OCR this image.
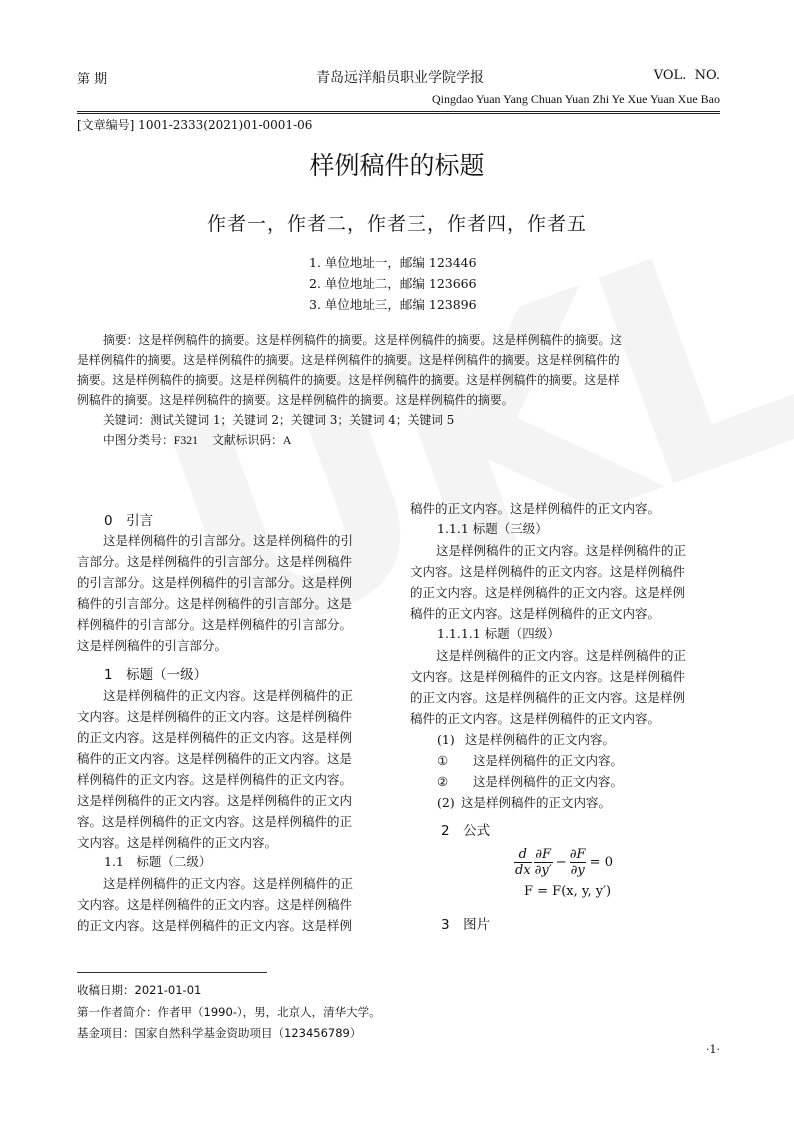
第 期	青岛远洋船员职业学院学报	VOL.  NO.
Qingdao Yuan Yang Chuan Yuan Zhi Ye Xue Yuan Xue Bao
[文章编号] 1001-2333(2021)01-0001-06
样例稿件的标题
作者一，作者二，作者三，作者四，作者五
1. 单位地址一，邮编 123446
2. 单位地址二，邮编 123666
3. 单位地址三，邮编 123896
摘要：这是样例稿件的摘要。这是样例稿件的摘要。这是样例稿件的摘要。这是样例稿件的摘要。这
是样例稿件的摘要。这是样例稿件的摘要。这是样例稿件的摘要。这是样例稿件的摘要。这是样例稿件的
摘要。这是样例稿件的摘要。这是样例稿件的摘要。这是样例稿件的摘要。这是样例稿件的摘要。这是样
例稿件的摘要。这是样例稿件的摘要。这是样例稿件的摘要。这是样例稿件的摘要。
关键词：测试关键词 1；关键词 2；关键词 3；关键词 4；关键词 5
中图分类号：F321 文献标识码：A
0　引言
这是样例稿件的引言部分。这是样例稿件的引
言部分。这是样例稿件的引言部分。这是样例稿件
的引言部分。这是样例稿件的引言部分。这是样例
稿件的引言部分。这是样例稿件的引言部分。这是
样例稿件的引言部分。这是样例稿件的引言部分。
这是样例稿件的引言部分。
1　标题（一级）
这是样例稿件的正文内容。这是样例稿件的正
文内容。这是样例稿件的正文内容。这是样例稿件
的正文内容。这是样例稿件的正文内容。这是样例
稿件的正文内容。这是样例稿件的正文内容。这是
样例稿件的正文内容。这是样例稿件的正文内容。
这是样例稿件的正文内容。这是样例稿件的正文内
容。这是样例稿件的正文内容。这是样例稿件的正
文内容。这是样例稿件的正文内容。
1.1　标题（二级）
这是样例稿件的正文内容。这是样例稿件的正
文内容。这是样例稿件的正文内容。这是样例稿件
的正文内容。这是样例稿件的正文内容。这是样例
稿件的正文内容。这是样例稿件的正文内容。
1.1.1 标题（三级）
这是样例稿件的正文内容。这是样例稿件的正
文内容。这是样例稿件的正文内容。这是样例稿件
的正文内容。这是样例稿件的正文内容。这是样例
稿件的正文内容。这是样例稿件的正文内容。
1.1.1.1 标题（四级）
这是样例稿件的正文内容。这是样例稿件的正
文内容。这是样例稿件的正文内容。这是样例稿件
的正文内容。这是样例稿件的正文内容。这是样例
稿件的正文内容。这是样例稿件的正文内容。
(1) 这是样例稿件的正文内容。
① 这是样例稿件的正文内容。
② 这是样例稿件的正文内容。
(2) 这是样例稿件的正文内容。
2　公式
d
dx
∂F
∂y′
− $\frac{\partial F}{\partial y} = 0$
F = F(x, y, y′)
3　图片
收稿日期：2021-01-01
第一作者简介：作者甲（1990-），男，北京人，清华大学。
基金项目：国家自然科学基金资助项目（123456789）
·1·
